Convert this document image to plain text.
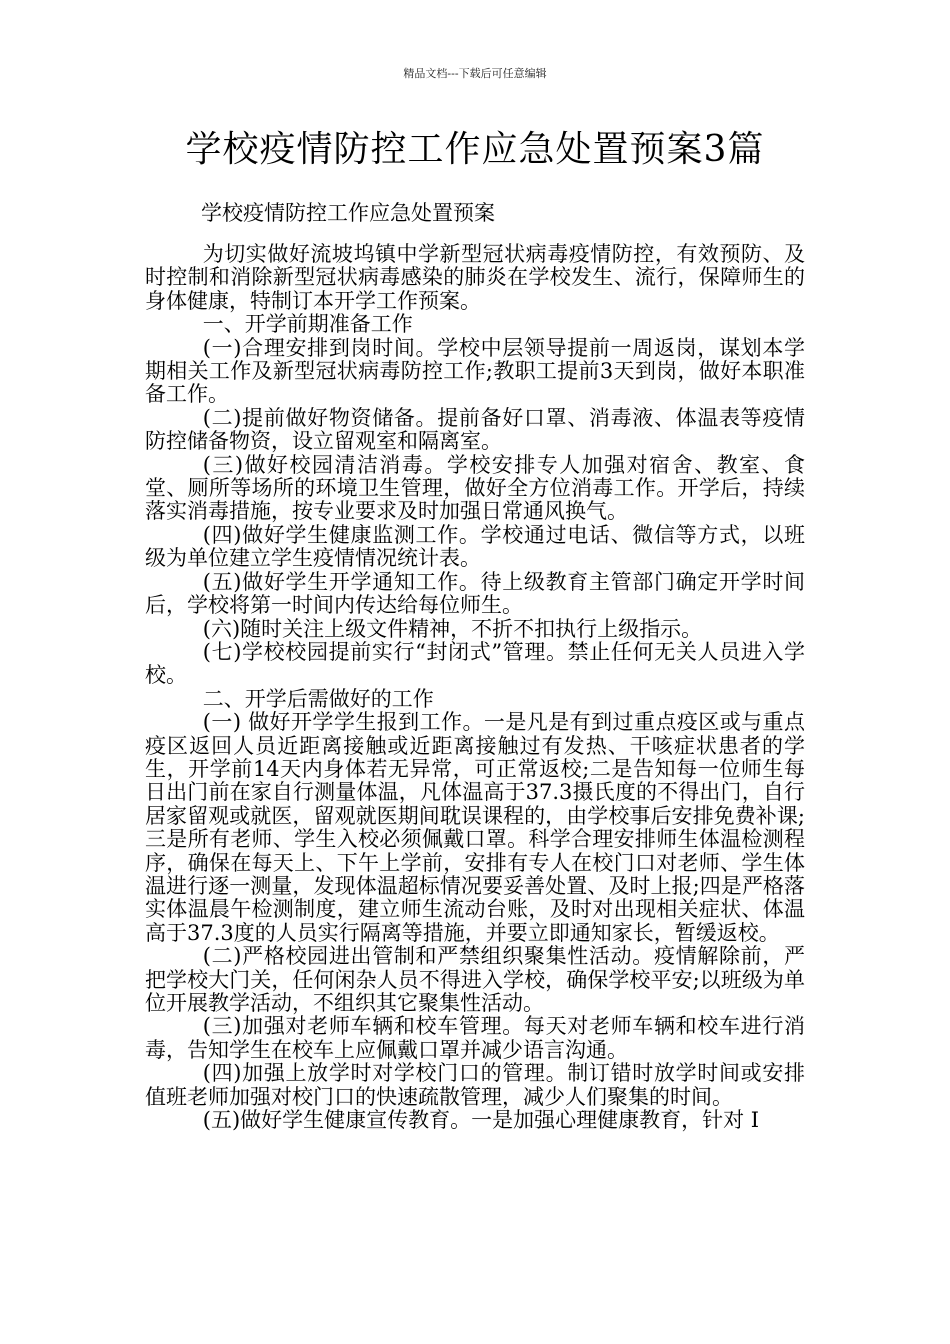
精品文档---下载后可任意编辑
学校疫情防控工作应急处置预案3篇
学校疫情防控工作应急处置预案

为切实做好流坡坞镇中学新型冠状病毒疫情防控，有效预防、及时控制和消除新型冠状病毒感染的肺炎在学校发生、流行，保障师生的身体健康，特制订本开学工作预案。

一、开学前期准备工作

(一)合理安排到岗时间。学校中层领导提前一周返岗，谋划本学期相关工作及新型冠状病毒防控工作;教职工提前3天到岗，做好本职准备工作。

(二)提前做好物资储备。提前备好口罩、消毒液、体温表等疫情防控储备物资，设立留观室和隔离室。

(三)做好校园清洁消毒。学校安排专人加强对宿舍、教室、食堂、厕所等场所的环境卫生管理，做好全方位消毒工作。开学后，持续落实消毒措施，按专业要求及时加强日常通风换气。

(四)做好学生健康监测工作。学校通过电话、微信等方式，以班级为单位建立学生疫情情况统计表。

(五)做好学生开学通知工作。待上级教育主管部门确定开学时间后，学校将第一时间内传达给每位师生。

(六)随时关注上级文件精神，不折不扣执行上级指示。

(七)学校校园提前实行“封闭式”管理。禁止任何无关人员进入学校。

二、开学后需做好的工作

(一) 做好开学学生报到工作。一是凡是有到过重点疫区或与重点疫区返回人员近距离接触或近距离接触过有发热、干咳症状患者的学生，开学前14天内身体若无异常，可正常返校;二是告知每一位师生每日出门前在家自行测量体温，凡体温高于37.3摄氏度的不得出门，自行居家留观或就医，留观就医期间耽误课程的，由学校事后安排免费补课;三是所有老师、学生入校必须佩戴口罩。科学合理安排师生体温检测程序，确保在每天上、下午上学前，安排有专人在校门口对老师、学生体温进行逐一测量，发现体温超标情况要妥善处置、及时上报;四是严格落实体温晨午检测制度，建立师生流动台账，及时对出现相关症状、体温高于37.3度的人员实行隔离等措施，并要立即通知家长，暂缓返校。

(二)严格校园进出管制和严禁组织聚集性活动。疫情解除前，严把学校大门关，任何闲杂人员不得进入学校，确保学校平安;以班级为单位开展教学活动，不组织其它聚集性活动。

(三)加强对老师车辆和校车管理。每天对老师车辆和校车进行消毒，告知学生在校车上应佩戴口罩并减少语言沟通。

(四)加强上放学时对学校门口的管理。制订错时放学时间或安排值班老师加强对校门口的快速疏散管理，减少人们聚集的时间。

(五)做好学生健康宣传教育。一是加强心理健康教育，针对 I
